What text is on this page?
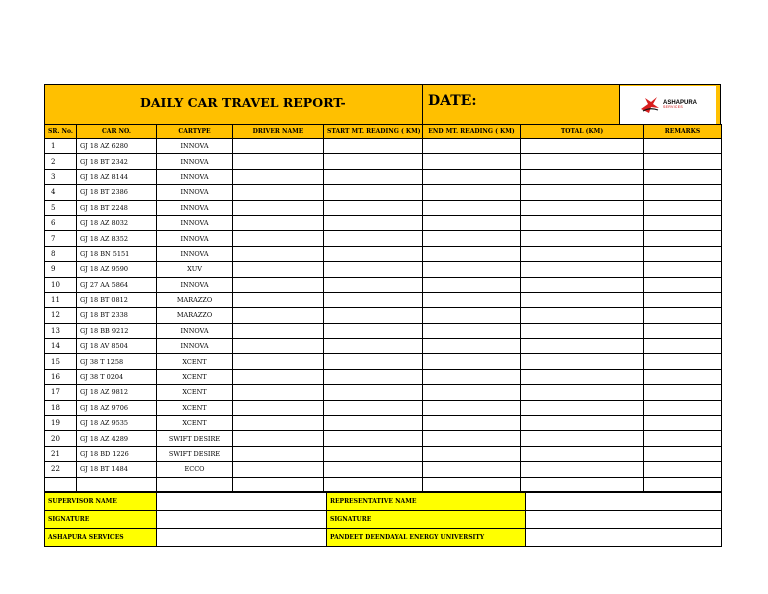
DAILY CAR TRAVEL REPORT-	DATE:	ASHAPURA
SERVICES
SR. No.	CAR NO.	CARTYPE	DRIVER NAME	START MT. READING ( KM)	END MT. READING ( KM)	TOTAL (KM)	REMARKS
1	GJ 18 AZ 6280	INNOVA					
2	GJ 18 BT 2342	INNOVA					
3	GJ 18 AZ 8144	INNOVA					
4	GJ 18 BT 2386	INNOVA					
5	GJ 18 BT 2248	INNOVA					
6	GJ 18 AZ 8032	INNOVA					
7	GJ 18 AZ 8352	INNOVA					
8	GJ 18 BN 5151	INNOVA					
9	GJ 18 AZ 9590	XUV					
10	GJ 27 AA 5864	INNOVA					
11	GJ 18 BT 0812	MARAZZO					
12	GJ 18 BT 2338	MARAZZO					
13	GJ 18 BB 9212	INNOVA					
14	GJ 18 AV 8504	INNOVA					
15	GJ 38 T 1258	XCENT					
16	GJ 38 T 0204	XCENT					
17	GJ 18 AZ 9812	XCENT					
18	GJ 18 AZ 9706	XCENT					
19	GJ 18 AZ 9535	XCENT					
20	GJ 18 AZ 4289	SWIFT DESIRE					
21	GJ 18 BD 1226	SWIFT DESIRE					
22	GJ 18 BT 1484	ECCO					

SUPERVISOR NAME		REPRESENTATIVE NAME	
SIGNATURE		SIGNATURE	
ASHAPURA SERVICES		PANDEET DEENDAYAL ENERGY UNIVERSITY	
